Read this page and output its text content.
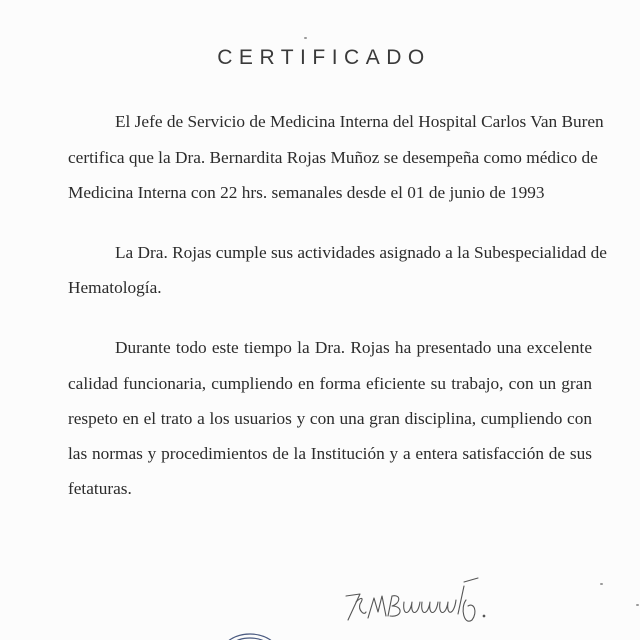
CERTIFICADO
El Jefe de Servicio de Medicina Interna del Hospital Carlos Van Buren
certifica que la Dra. Bernardita Rojas Muñoz se desempeña como médico de
Medicina Interna con 22 hrs. semanales desde el 01 de junio de 1993
La Dra. Rojas cumple sus actividades asignado a la Subespecialidad de
Hematología.
Durante todo este tiempo la Dra. Rojas ha presentado una excelente
calidad funcionaria, cumpliendo en forma eficiente su trabajo, con un gran
respeto en el trato a los usuarios y con una gran disciplina, cumpliendo con
las normas y procedimientos de la Institución y a entera satisfacción de sus
fetaturas.
